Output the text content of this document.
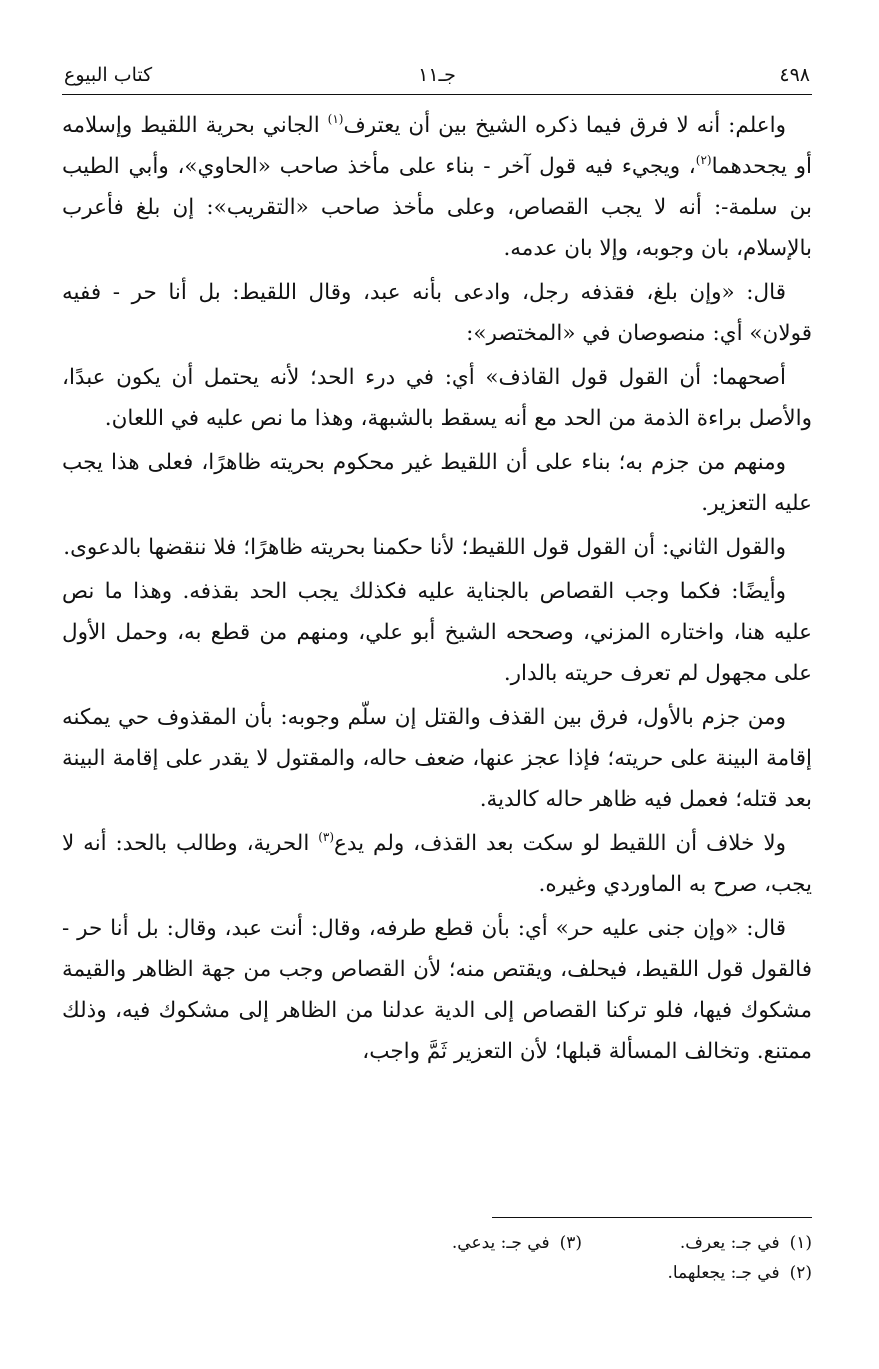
٤٩٨
جـ١١
كتاب البيوع

واعلم: أنه لا فرق فيما ذكره الشيخ بين أن يعترف$^{(١)}$ الجاني بحرية اللقيط وإسلامه أو يجحدهما$^{(٢)}$، ويجيء فيه قول آخر - بناء على مأخذ صاحب «الحاوي»، وأبي الطيب بن سلمة-: أنه لا يجب القصاص، وعلى مأخذ صاحب «التقريب»: إن بلغ فأعرب بالإسلام، بان وجوبه، وإلا بان عدمه.

قال: «وإن بلغ، فقذفه رجل، وادعى بأنه عبد، وقال اللقيط: بل أنا حر - ففيه قولان» أي: منصوصان في «المختصر»:

أصحهما: أن القول قول القاذف» أي: في درء الحد؛ لأنه يحتمل أن يكون عبدًا، والأصل براءة الذمة من الحد مع أنه يسقط بالشبهة، وهذا ما نص عليه في اللعان.

ومنهم من جزم به؛ بناء على أن اللقيط غير محكوم بحريته ظاهرًا، فعلى هذا يجب عليه التعزير.

والقول الثاني: أن القول قول اللقيط؛ لأنا حكمنا بحريته ظاهرًا؛ فلا ننقضها بالدعوى.

وأيضًا: فكما وجب القصاص بالجناية عليه فكذلك يجب الحد بقذفه. وهذا ما نص عليه هنا، واختاره المزني، وصححه الشيخ أبو علي، ومنهم من قطع به، وحمل الأول على مجهول لم تعرف حريته بالدار.

ومن جزم بالأول، فرق بين القذف والقتل إن سلّم وجوبه: بأن المقذوف حي يمكنه إقامة البينة على حريته؛ فإذا عجز عنها، ضعف حاله، والمقتول لا يقدر على إقامة البينة بعد قتله؛ فعمل فيه ظاهر حاله كالدية.

ولا خلاف أن اللقيط لو سكت بعد القذف، ولم يدع$^{(٣)}$ الحرية، وطالب بالحد: أنه لا يجب، صرح به الماوردي وغيره.

قال: «وإن جنى عليه حر» أي: بأن قطع طرفه، وقال: أنت عبد، وقال: بل أنا حر - فالقول قول اللقيط، فيحلف، ويقتص منه؛ لأن القصاص وجب من جهة الظاهر والقيمة مشكوك فيها، فلو تركنا القصاص إلى الدية عدلنا من الظاهر إلى مشكوك فيه، وذلك ممتنع. وتخالف المسألة قبلها؛ لأن التعزير ثَمَّ واجب،

(١)في جـ: يعرف.
(٣)في جـ: يدعي.
(٢)في جـ: يجعلهما.
